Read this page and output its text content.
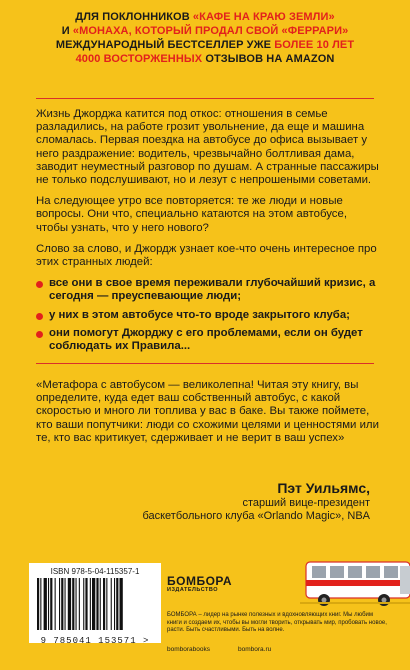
ДЛЯ ПОКЛОННИКОВ «КАФЕ НА КРАЮ ЗЕМЛИ»
И «МОНАХА, КОТОРЫЙ ПРОДАЛ СВОЙ «ФЕРРАРИ»
МЕЖДУНАРОДНЫЙ БЕСТСЕЛЛЕР УЖЕ БОЛЕЕ 10 ЛЕТ
4000 ВОСТОРЖЕННЫХ ОТЗЫВОВ НА AMAZON

Жизнь Джорджа катится под откос: отношения в семье разладились, на работе грозит увольнение, да еще и машина сломалась. Первая поездка на автобусе до офиса вызывает у него раздражение: водитель, чрезвычайно болтливая дама, заводит неуместный разговор по душам. А странные пассажиры не только подслушивают, но и лезут с непрошеными советами.

На следующее утро все повторяется: те же люди и новые вопросы. Они что, специально катаются на этом автобусе, чтобы узнать, что у него нового?

Слово за слово, и Джордж узнает кое-что очень интересное про этих странных людей:

все они в свое время переживали глубочайший кризис, а сегодня — преуспевающие люди;
у них в этом автобусе что-то вроде закрытого клуба;
они помогут Джорджу с его проблемами, если он будет соблюдать их Правила...

«Метафора с автобусом — великолепна! Читая эту книгу, вы определите, куда едет ваш собственный автобус, с какой скоростью и много ли топлива у вас в баке. Вы также поймете, кто ваши попутчики: люди со схожими целями и ценностями или те, кто вас критикует, сдерживает и не верит в ваш успех»

Пэт Уильямс,
старший вице-президент
баскетбольного клуба «Orlando Magic», NBA
ISBN 978-5-04-115357-1
9 785041 153571 >
БОМБОРА
ИЗДАТЕЛЬСТВО
БОМБОРА – лидер на рынке полезных и вдохновляющих книг. Мы любим книги и создаем их, чтобы вы могли творить, открывать мир, пробовать новое, расти. Быть счастливыми. Быть на волне.
bomborabooks	bombora.ru
